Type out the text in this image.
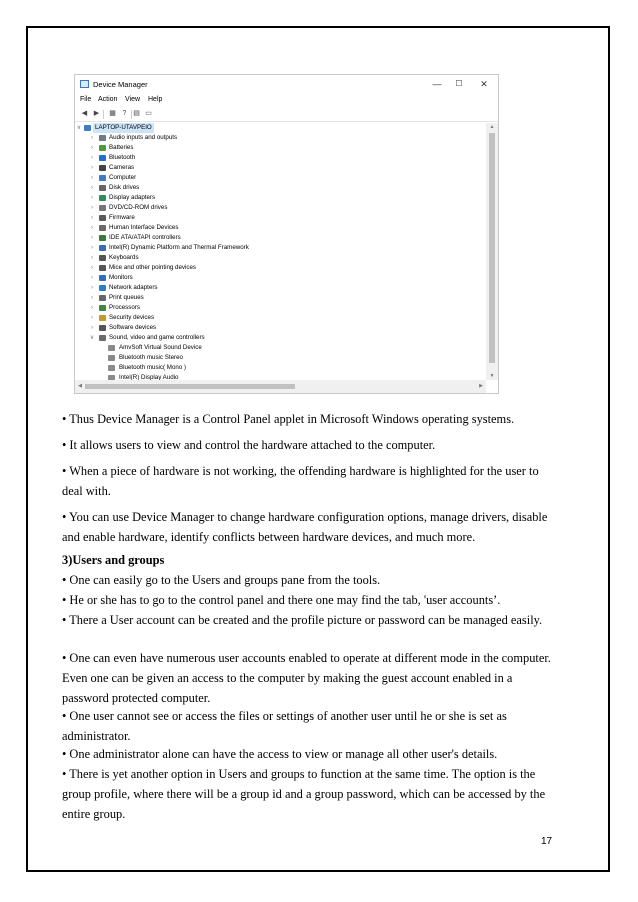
Device Manager	—	☐	✕
File Action View Help
◀ ▶ ▦ ? ▤ ▭
∨	LAPTOP-UTAVPEIO
›	Audio inputs and outputs
›	Batteries
›	Bluetooth
›	Cameras
›	Computer
›	Disk drives
›	Display adapters
›	DVD/CD-ROM drives
›	Firmware
›	Human Interface Devices
›	IDE ATA/ATAPI controllers
›	Intel(R) Dynamic Platform and Thermal Framework
›	Keyboards
›	Mice and other pointing devices
›	Monitors
›	Network adapters
›	Print queues
›	Processors
›	Security devices
›	Software devices
∨ Sound, video and game controllers
AmvSoft Virtual Sound Device
Bluetooth music Stereo
Bluetooth music( Mono )
Intel(R) Display Audio
▲
▼
◀	▶
• Thus Device Manager is a Control Panel applet in Microsoft Windows operating systems.
• It allows users to view and control the hardware attached to the computer.
• When a piece of hardware is not working, the offending hardware is highlighted for the user to deal with.
• You can use Device Manager to change hardware configuration options, manage drivers, disable and enable hardware, identify conflicts between hardware devices, and much more.
3)Users and groups
• One can easily go to the Users and groups pane from the tools.
• He or she has to go to the control panel and there one may find the tab, 'user accounts’.
• There a User account can be created and the profile picture or password can be managed easily.
• One can even have numerous user accounts enabled to operate at different mode in the computer. Even one can be given an access to the computer by making the guest account enabled in a password protected computer.
• One user cannot see or access the files or settings of another user until he or she is set as administrator.
• One administrator alone can have the access to view or manage all other user's details.
• There is yet another option in Users and groups to function at the same time. The option is the group profile, where there will be a group id and a group password, which can be accessed by the entire group.
17
